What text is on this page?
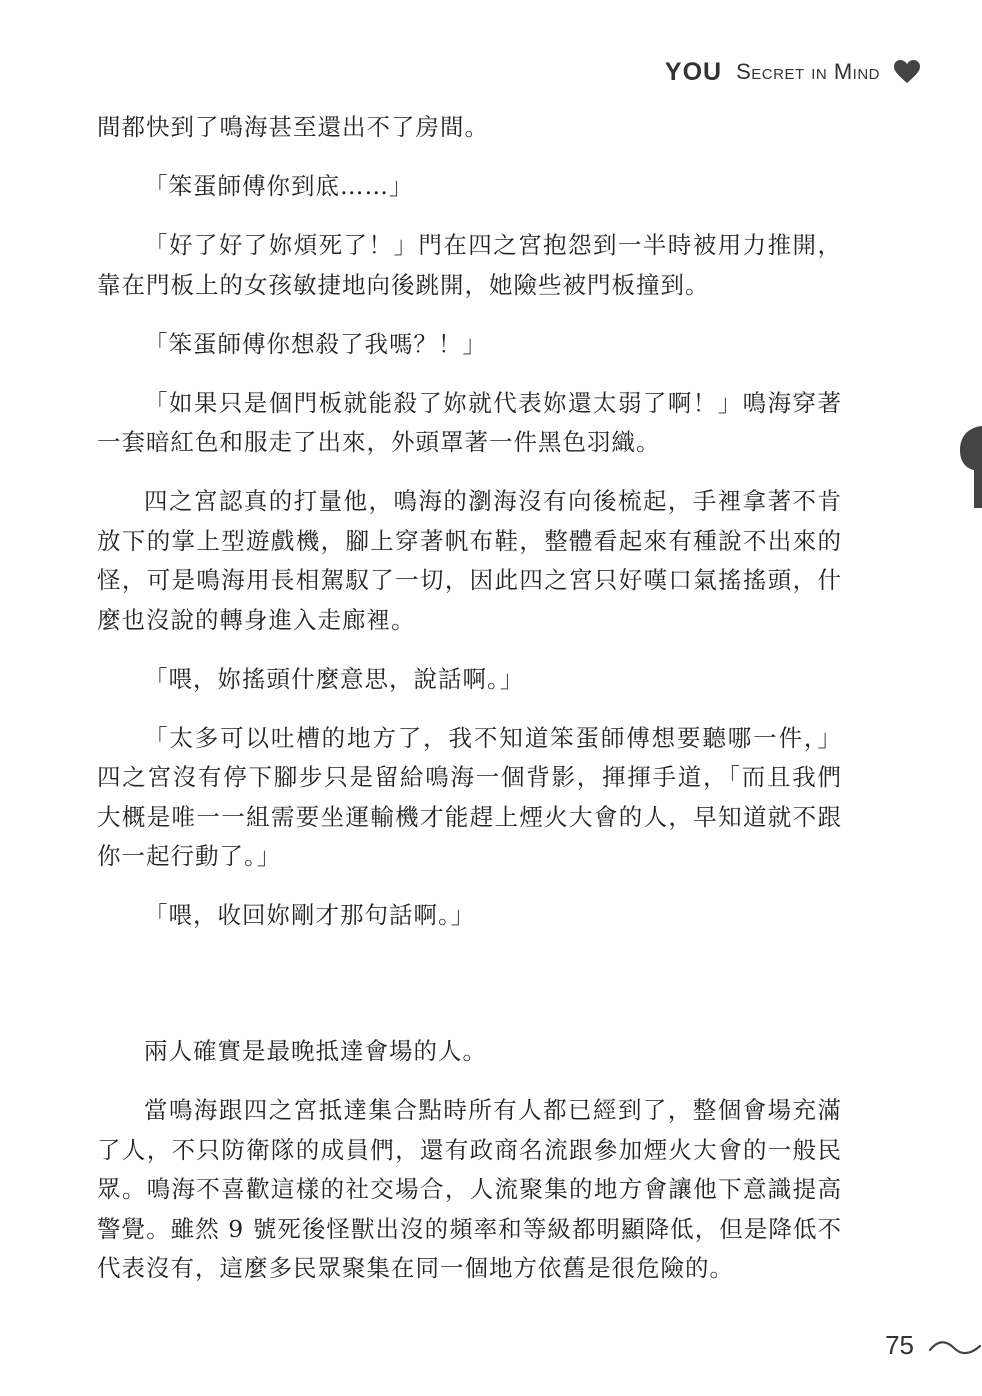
YOU Secret in Mind

間都快到了鳴海甚至還出不了房間。

「笨蛋師傅你到底……」

「好了好了妳煩死了！」門在四之宮抱怨到一半時被用力推開，靠在門板上的女孩敏捷地向後跳開，她險些被門板撞到。

「笨蛋師傅你想殺了我嗎？！」

「如果只是個門板就能殺了妳就代表妳還太弱了啊！」鳴海穿著一套暗紅色和服走了出來，外頭罩著一件黑色羽織。

四之宮認真的打量他，鳴海的瀏海沒有向後梳起，手裡拿著不肯放下的掌上型遊戲機，腳上穿著帆布鞋，整體看起來有種說不出來的怪，可是鳴海用長相駕馭了一切，因此四之宮只好嘆口氣搖搖頭，什麼也沒說的轉身進入走廊裡。

「喂，妳搖頭什麼意思，說話啊。」

「太多可以吐槽的地方了，我不知道笨蛋師傅想要聽哪一件，」四之宮沒有停下腳步只是留給鳴海一個背影，揮揮手道，「而且我們大概是唯一一組需要坐運輸機才能趕上煙火大會的人，早知道就不跟你一起行動了。」

「喂，收回妳剛才那句話啊。」

兩人確實是最晚抵達會場的人。

當鳴海跟四之宮抵達集合點時所有人都已經到了，整個會場充滿了人，不只防衛隊的成員們，還有政商名流跟參加煙火大會的一般民眾。鳴海不喜歡這樣的社交場合，人流聚集的地方會讓他下意識提高警覺。雖然 9 號死後怪獸出沒的頻率和等級都明顯降低，但是降低不代表沒有，這麼多民眾聚集在同一個地方依舊是很危險的。

75
